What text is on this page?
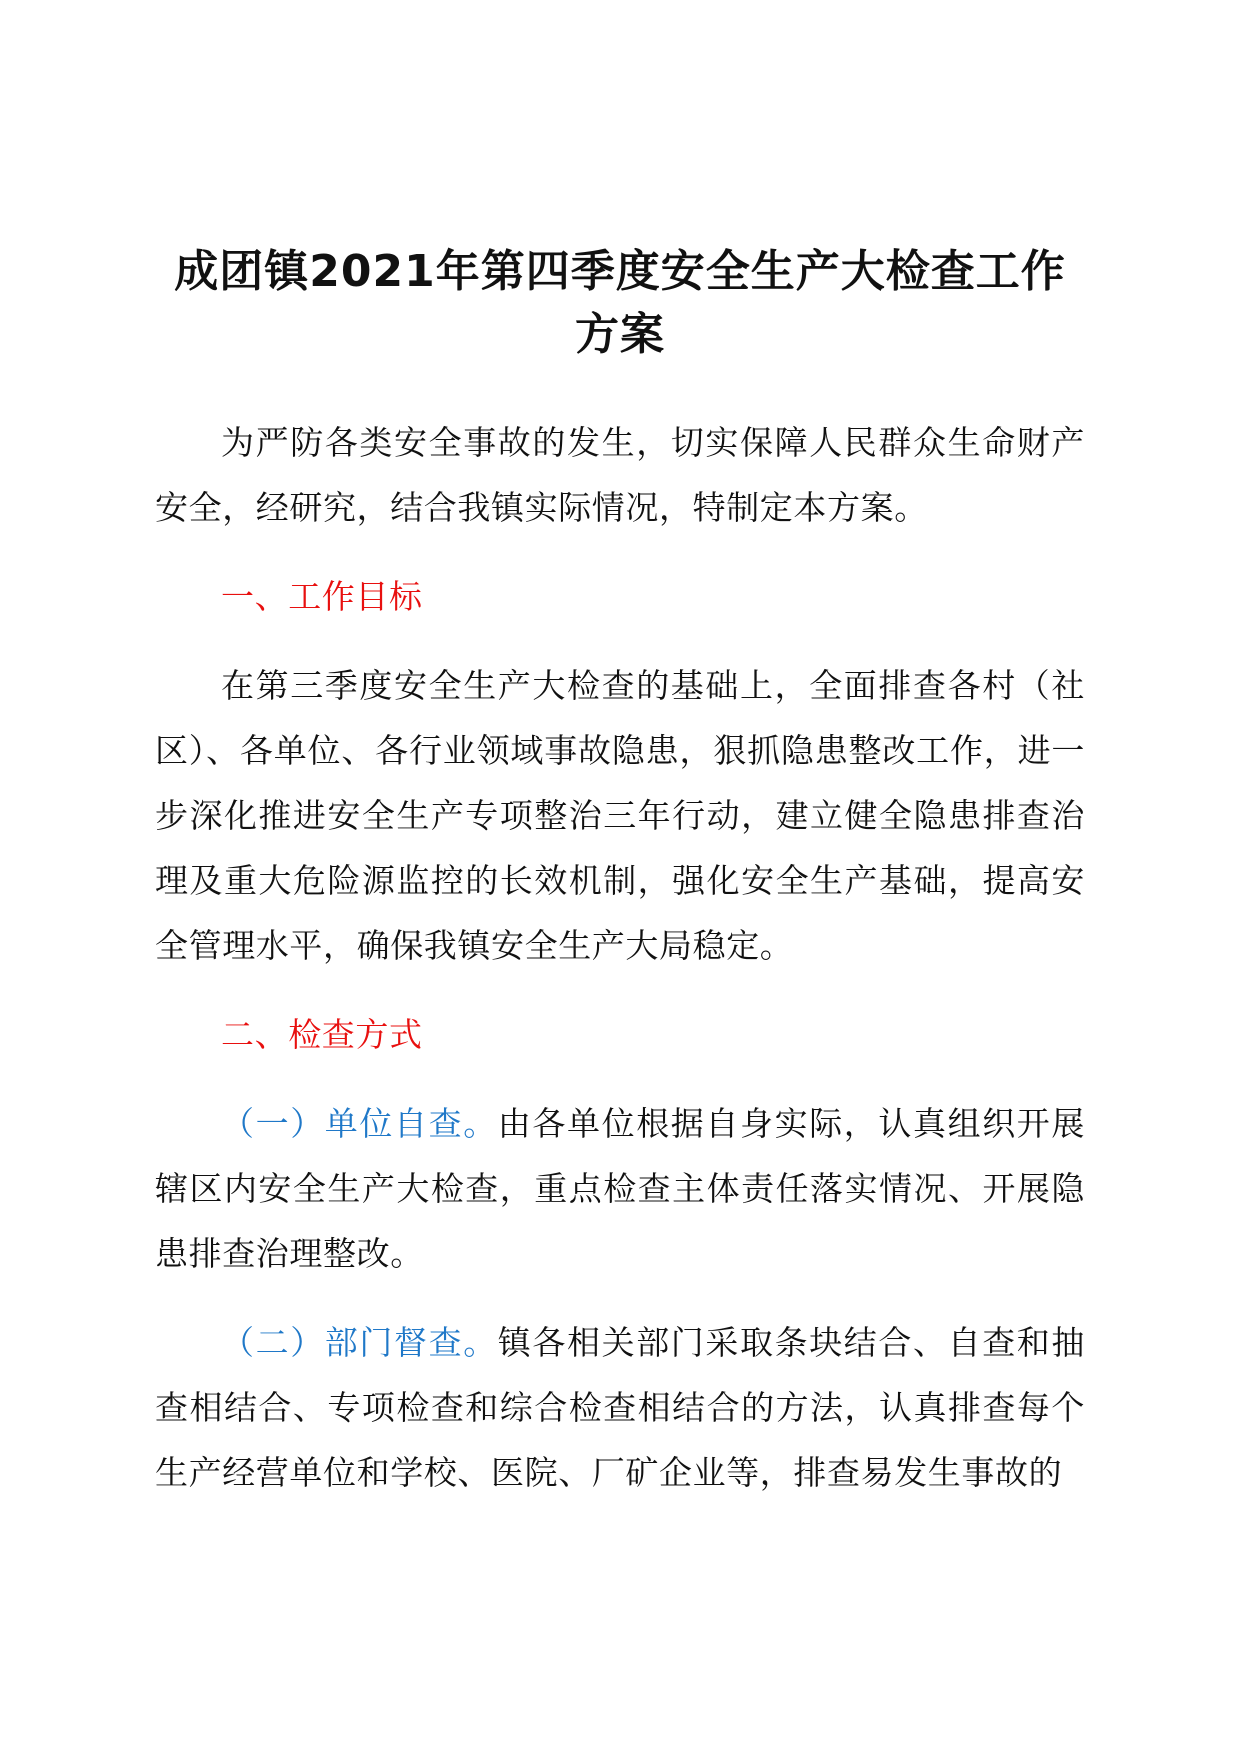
成团镇2021年第四季度安全生产大检查工作方案

为严防各类安全事故的发生，切实保障人民群众生命财产安全，经研究，结合我镇实际情况，特制定本方案。

一、工作目标

在第三季度安全生产大检查的基础上，全面排查各村（社区）、各单位、各行业领域事故隐患，狠抓隐患整改工作，进一步深化推进安全生产专项整治三年行动，建立健全隐患排查治理及重大危险源监控的长效机制，强化安全生产基础，提高安全管理水平，确保我镇安全生产大局稳定。

二、检查方式

（一）单位自查。由各单位根据自身实际，认真组织开展辖区内安全生产大检查，重点检查主体责任落实情况、开展隐患排查治理整改。

（二）部门督查。镇各相关部门采取条块结合、自查和抽查相结合、专项检查和综合检查相结合的方法，认真排查每个生产经营单位和学校、医院、厂矿企业等，排查易发生事故的
